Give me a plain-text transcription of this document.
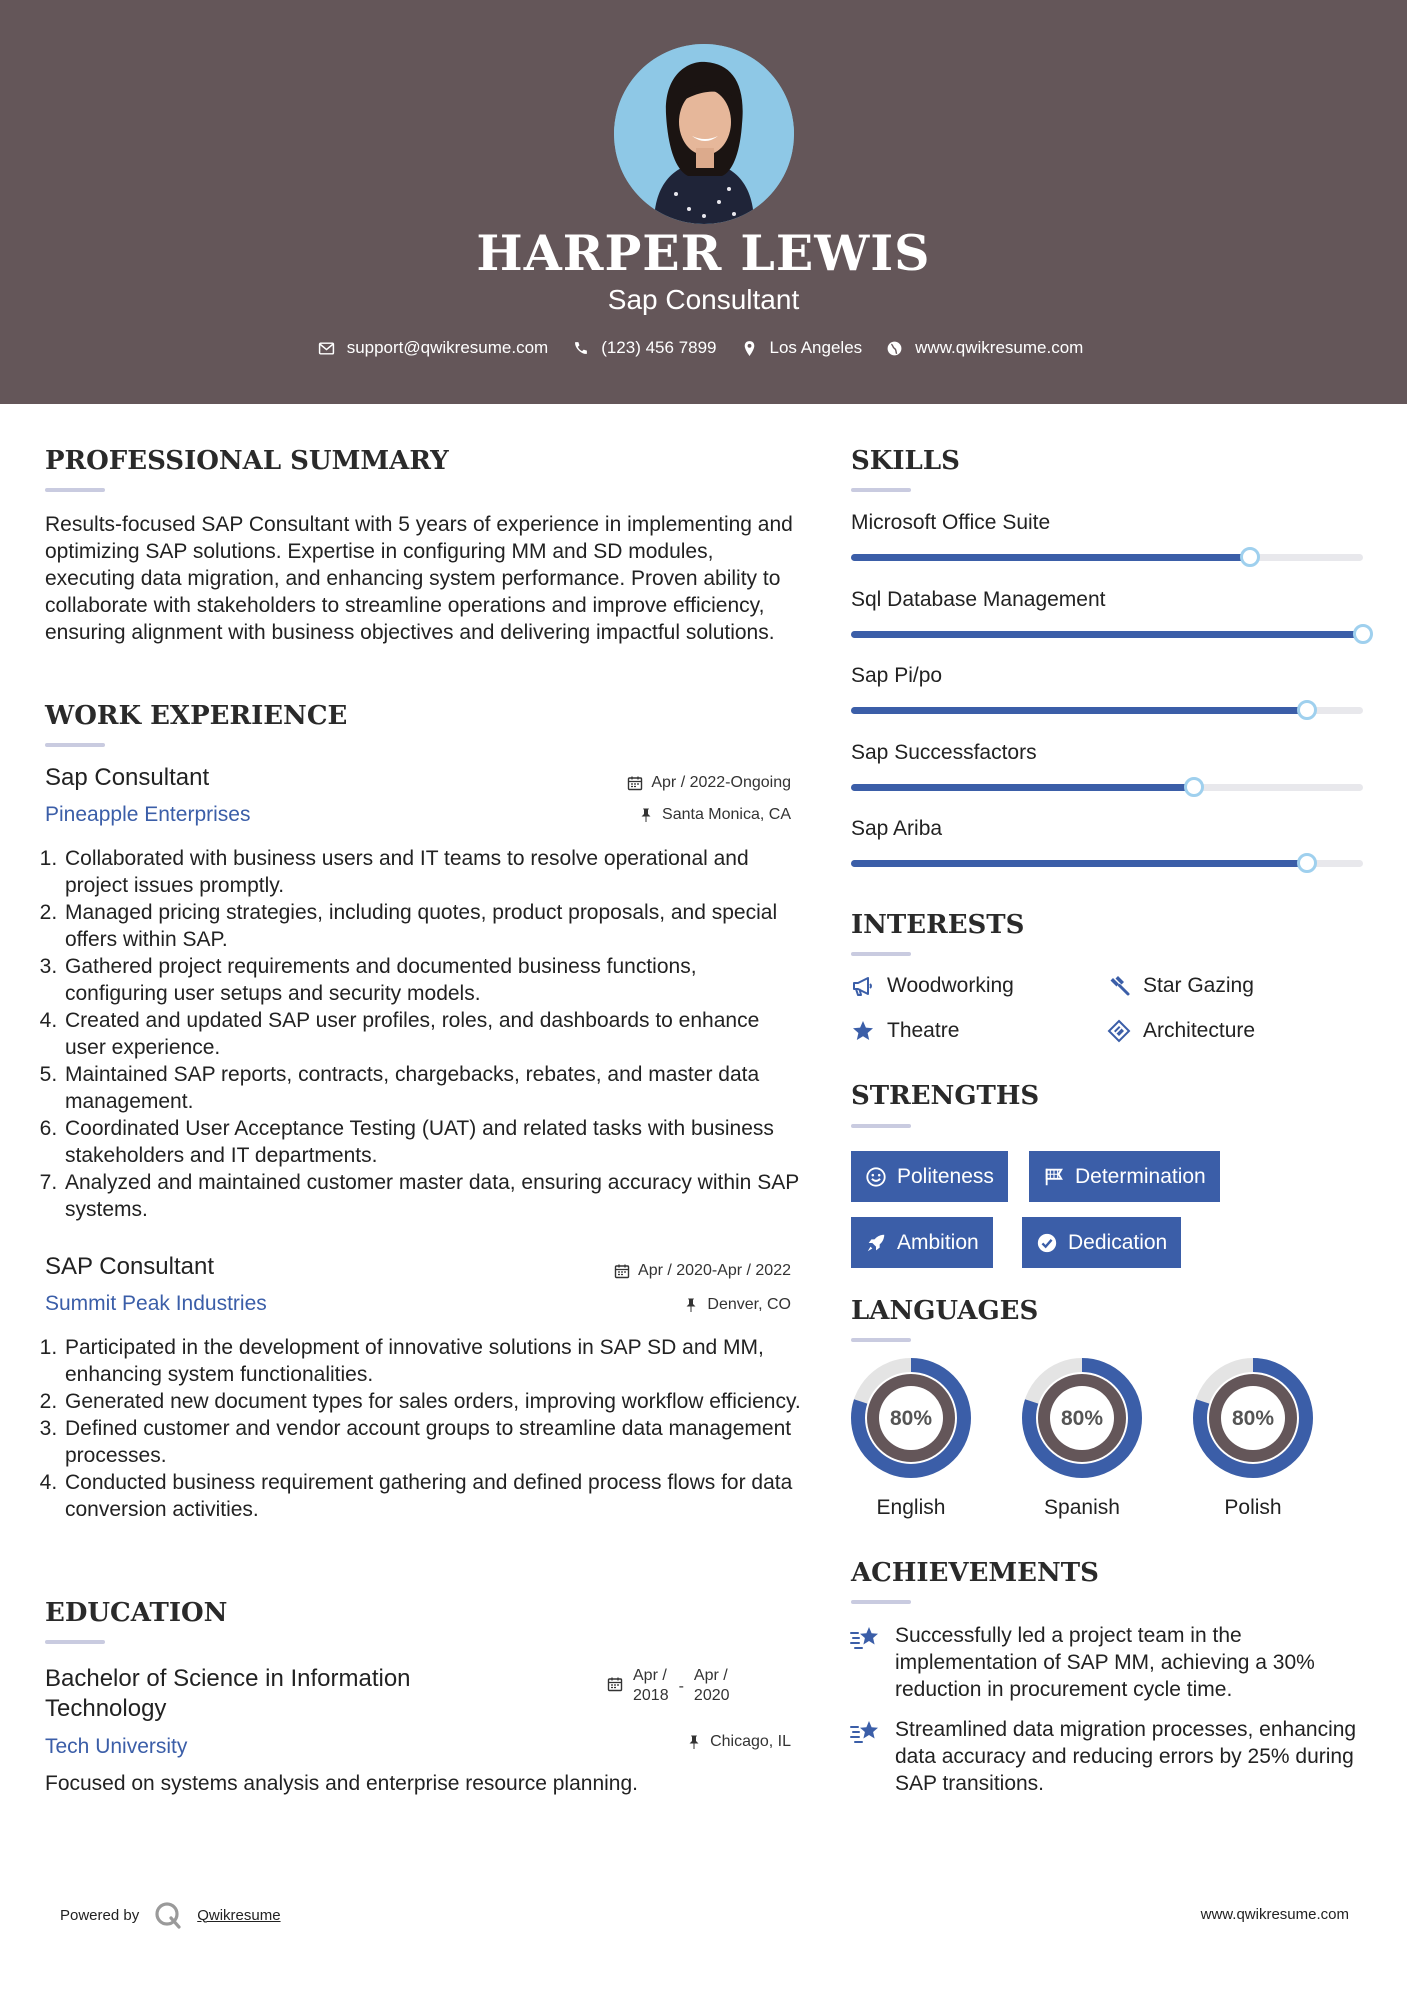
HARPER LEWIS
Sap Consultant
support@qwikresume.com	(123) 456 7899	Los Angeles	www.qwikresume.com
PROFESSIONAL SUMMARY
Results-focused SAP Consultant with 5 years of experience in implementing and optimizing SAP solutions. Expertise in configuring MM and SD modules, executing data migration, and enhancing system performance. Proven ability to collaborate with stakeholders to streamline operations and improve efficiency, ensuring alignment with business objectives and delivering impactful solutions.
WORK EXPERIENCE
Sap Consultant
Pineapple Enterprises
Apr / 2022-Ongoing
Santa Monica, CA
1. Collaborated with business users and IT teams to resolve operational and project issues promptly.
2. Managed pricing strategies, including quotes, product proposals, and special offers within SAP.
3. Gathered project requirements and documented business functions, configuring user setups and security models.
4. Created and updated SAP user profiles, roles, and dashboards to enhance user experience.
5. Maintained SAP reports, contracts, chargebacks, rebates, and master data management.
6. Coordinated User Acceptance Testing (UAT) and related tasks with business stakeholders and IT departments.
7. Analyzed and maintained customer master data, ensuring accuracy within SAP systems.
SAP Consultant
Summit Peak Industries
Apr / 2020-Apr / 2022
Denver, CO
1. Participated in the development of innovative solutions in SAP SD and MM, enhancing system functionalities.
2. Generated new document types for sales orders, improving workflow efficiency.
3. Defined customer and vendor account groups to streamline data management processes.
4. Conducted business requirement gathering and defined process flows for data conversion activities.
EDUCATION
Bachelor of Science in Information
Technology
Tech University
Apr /
2018
-
Apr /
2020
Chicago, IL
Focused on systems analysis and enterprise resource planning.
SKILLS
Microsoft Office Suite
Sql Database Management
Sap Pi/po
Sap Successfactors
Sap Ariba
INTERESTS
Woodworking	Star Gazing
Theatre	Architecture
STRENGTHS
Politeness	Determination
Ambition	Dedication
LANGUAGES
80%
English
80%
Spanish
80%
Polish
ACHIEVEMENTS
Successfully led a project team in the implementation of SAP MM, achieving a 30% reduction in procurement cycle time.
Streamlined data migration processes, enhancing data accuracy and reducing errors by 25% during SAP transitions.
Powered by	Qwikresume	www.qwikresume.com
